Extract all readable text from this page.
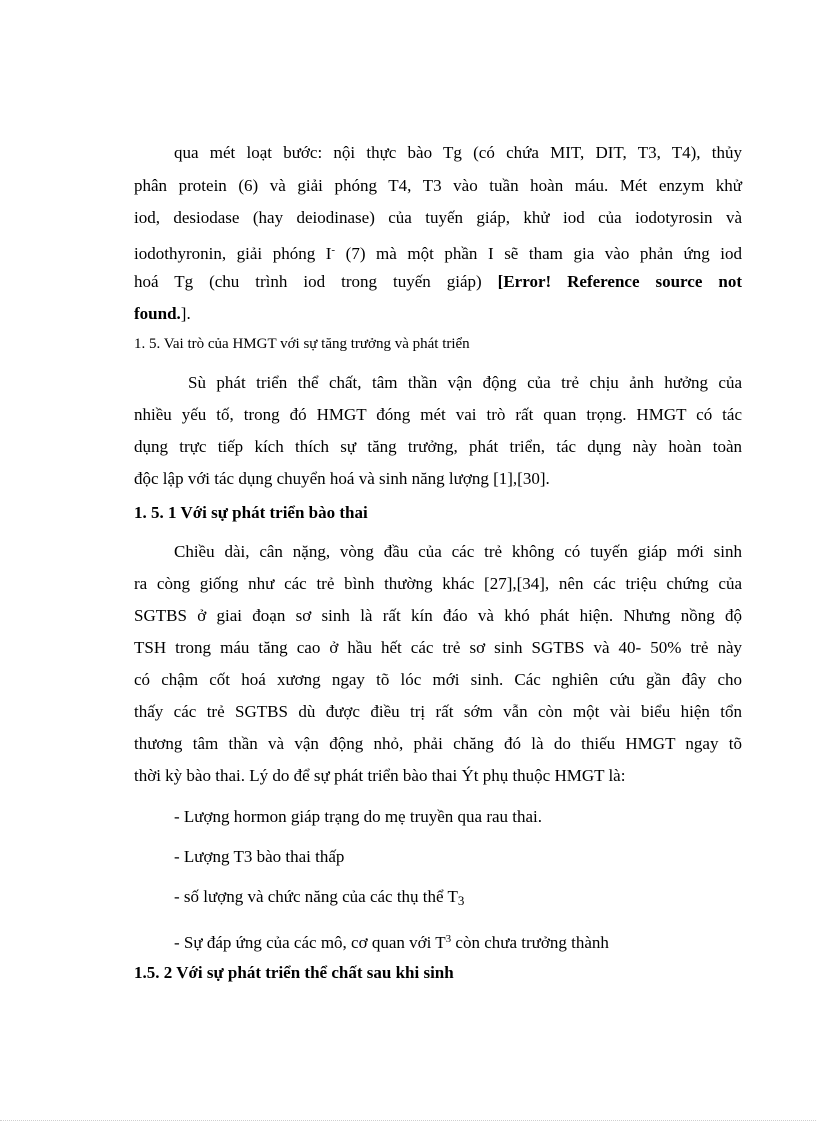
qua mét loạt bước: nội thực bào Tg (có chứa MIT, DIT, T3, T4), thủy
phân protein (6) và giải phóng T4, T3 vào tuần hoàn máu. Mét enzym khử
iod, desiodase (hay deiodinase) của tuyến giáp, khử iod của iodotyrosin và
iodothyronin, giải phóng I- (7) mà một phần I sẽ tham gia vào phản ứng iod
hoá Tg (chu trình iod trong tuyến giáp) [Error! Reference source not
found.].
1. 5. Vai trò của HMGT với sự tăng trưởng và phát triển
Sù phát triển thể chất, tâm thần vận động của trẻ chịu ảnh hưởng của
nhiều yếu tố, trong đó HMGT đóng mét vai trò rất quan trọng. HMGT có tác
dụng trực tiếp kích thích sự tăng trưởng, phát triển, tác dụng này hoàn toàn
độc lập với tác dụng chuyển hoá và sinh năng lượng [1],[30].
1. 5. 1 Với sự phát triển bào thai
Chiều dài, cân nặng, vòng đầu của các trẻ không có tuyến giáp mới sinh
ra còng giống như các trẻ bình thường khác [27],[34], nên các triệu chứng của
SGTBS ở giai đoạn sơ sinh là rất kín đáo và khó phát hiện. Nhưng nồng độ
TSH trong máu tăng cao ở hầu hết các trẻ sơ sinh SGTBS và 40- 50% trẻ này
có chậm cốt hoá xương ngay tõ lóc mới sinh. Các nghiên cứu gần đây cho
thấy các trẻ SGTBS dù được điều trị rất sớm vẫn còn một vài biểu hiện tổn
thương tâm thần và vận động nhỏ, phải chăng đó là do thiếu HMGT ngay tõ
thời kỳ bào thai. Lý do để sự phát triển bào thai Ýt phụ thuộc HMGT là:
- Lượng hormon giáp trạng do mẹ truyền qua rau thai.
- Lượng T3 bào thai thấp
- số lượng và chức năng của các thụ thể $T_3$
- Sự đáp ứng của các mô, cơ quan với $T^3$ còn chưa trưởng thành
1.5. 2 Với sự phát triển thể chất sau khi sinh
